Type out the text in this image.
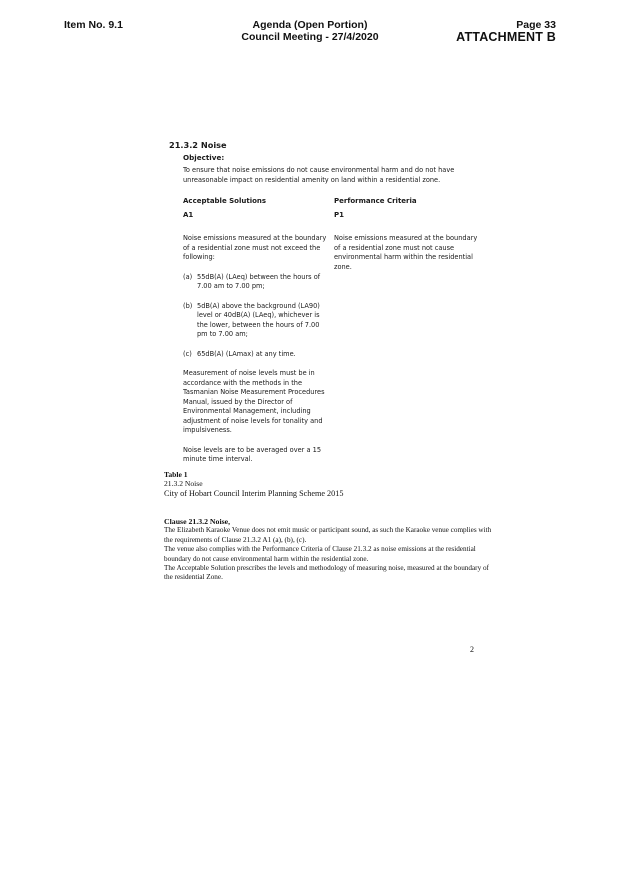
Item No. 9.1	Agenda (Open Portion)
Council Meeting - 27/4/2020
Page 33
ATTACHMENT B
21.3.2 Noise
Objective:
To ensure that noise emissions do not cause environmental harm and do not have unreasonable impact on residential amenity on land within a residential zone.
Acceptable Solutions
A1

Noise emissions measured at the boundary of a residential zone must not exceed the following:

(a) 55dB(A) (LAeq) between the hours of 7.00 am to 7.00 pm;
(b) 5dB(A) above the background (LA90) level or 40dB(A) (LAeq), whichever is the lower, between the hours of 7.00 pm to 7.00 am;
(c) 65dB(A) (LAmax) at any time.

Measurement of noise levels must be in accordance with the methods in the Tasmanian Noise Measurement Procedures Manual, issued by the Director of Environmental Management, including adjustment of noise levels for tonality and impulsiveness.

Noise levels are to be averaged over a 15 minute time interval.

Performance Criteria
P1

Noise emissions measured at the boundary of a residential zone must not cause environmental harm within the residential zone.

Table 1
21.3.2 Noise
City of Hobart Council Interim Planning Scheme 2015
Clause 21.3.2 Noise,
The Elizabeth Karaoke Venue does not emit music or participant sound, as such the Karaoke venue complies with the requirements of Clause 21.3.2 A1 (a), (b), (c).
The venue also complies with the Performance Criteria of Clause 21.3.2 as noise emissions at the residential boundary do not cause environmental harm within the residential zone.
The Acceptable Solution prescribes the levels and methodology of measuring noise, measured at the boundary of the residential Zone.
2
